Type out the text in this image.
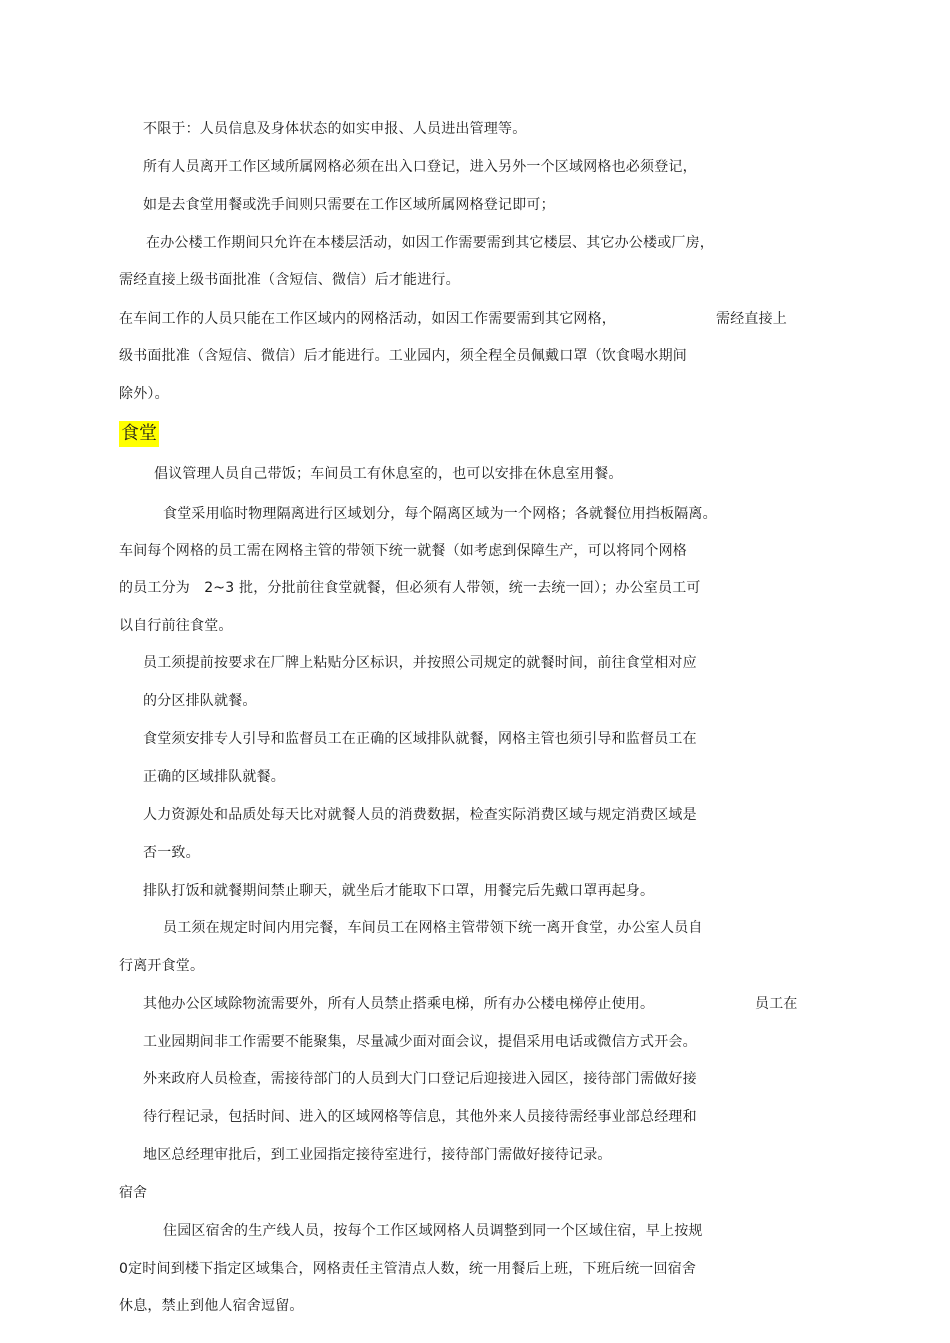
不限于：人员信息及身体状态的如实申报、人员进出管理等。
所有人员离开工作区域所属网格必须在出入口登记，进入另外一个区域网格也必须登记，
如是去食堂用餐或洗手间则只需要在工作区域所属网格登记即可；
在办公楼工作期间只允许在本楼层活动，如因工作需要需到其它楼层、其它办公楼或厂房，
需经直接上级书面批准（含短信、微信）后才能进行。
在车间工作的人员只能在工作区域内的网格活动，如因工作需要需到其它网格，	需经直接上
级书面批准（含短信、微信）后才能进行。工业园内，须全程全员佩戴口罩（饮食喝水期间
除外）。
食堂
倡议管理人员自己带饭；车间员工有休息室的，也可以安排在休息室用餐。
食堂采用临时物理隔离进行区域划分，每个隔离区域为一个网格；各就餐位用挡板隔离。
车间每个网格的员工需在网格主管的带领下统一就餐（如考虑到保障生产，可以将同个网格
的员工分为　2~3 批，分批前往食堂就餐，但必须有人带领，统一去统一回）；办公室员工可
以自行前往食堂。
员工须提前按要求在厂牌上粘贴分区标识，并按照公司规定的就餐时间，前往食堂相对应
的分区排队就餐。
食堂须安排专人引导和监督员工在正确的区域排队就餐，网格主管也须引导和监督员工在
正确的区域排队就餐。
人力资源处和品质处每天比对就餐人员的消费数据，检查实际消费区域与规定消费区域是
否一致。
排队打饭和就餐期间禁止聊天，就坐后才能取下口罩，用餐完后先戴口罩再起身。
员工须在规定时间内用完餐，车间员工在网格主管带领下统一离开食堂，办公室人员自
行离开食堂。
其他办公区域除物流需要外，所有人员禁止搭乘电梯，所有办公楼电梯停止使用。	员工在
工业园期间非工作需要不能聚集，尽量减少面对面会议，提倡采用电话或微信方式开会。
外来政府人员检查，需接待部门的人员到大门口登记后迎接进入园区，接待部门需做好接
待行程记录，包括时间、进入的区域网格等信息，其他外来人员接待需经事业部总经理和
地区总经理审批后，到工业园指定接待室进行，接待部门需做好接待记录。
宿舍
住园区宿舍的生产线人员，按每个工作区域网格人员调整到同一个区域住宿，早上按规
0定时间到楼下指定区域集合，网格责任主管清点人数，统一用餐后上班，下班后统一回宿舍
休息，禁止到他人宿舍逗留。
